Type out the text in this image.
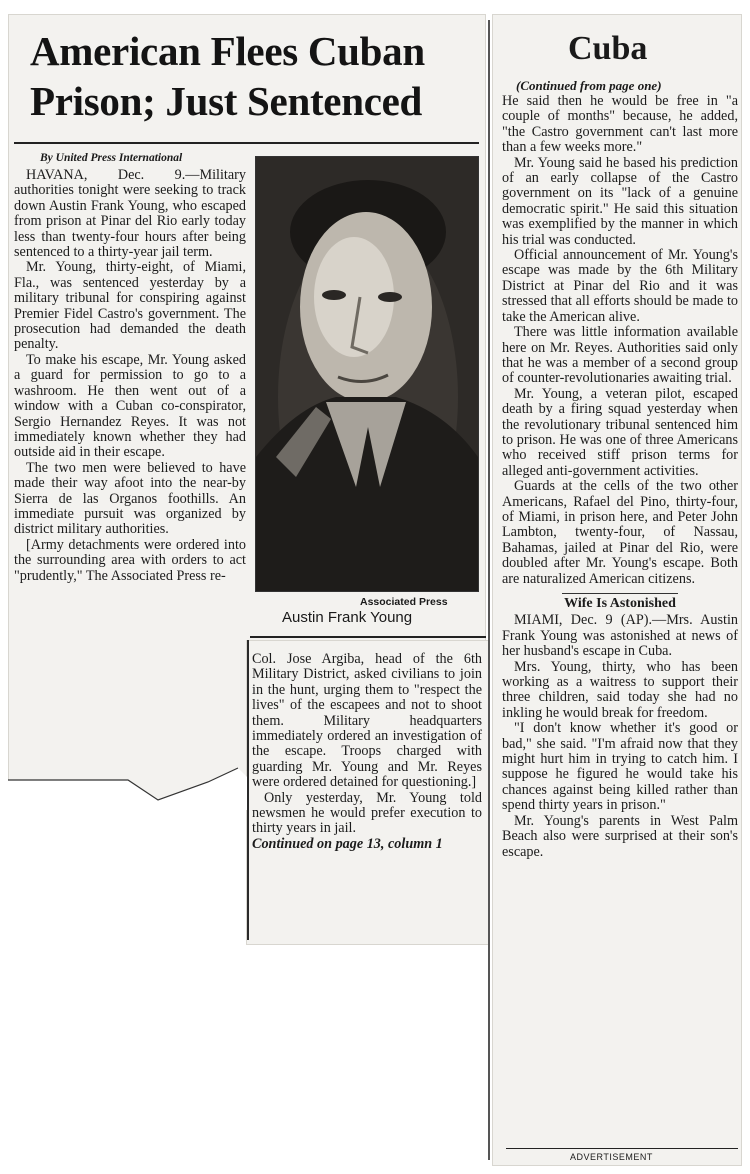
American Flees Cuban
Prison; Just Sentenced
By United Press International

HAVANA, Dec. 9.—Military authorities tonight were seeking to track down Austin Frank Young, who escaped from prison at Pinar del Rio early today less than twenty-four hours after being sentenced to a thirty-year jail term.

Mr. Young, thirty-eight, of Miami, Fla., was sentenced yesterday by a military tribunal for conspiring against Premier Fidel Castro's government. The prosecution had demanded the death penalty.

To make his escape, Mr. Young asked a guard for permission to go to a washroom. He then went out of a window with a Cuban co-conspirator, Sergio Hernandez Reyes. It was not immediately known whether they had outside aid in their escape.

The two men were believed to have made their way afoot into the near-by Sierra de las Organos foothills. An immediate pursuit was organized by district military authorities.

[Army detachments were ordered into the surrounding area with orders to act "prudently," The Associated Press re-

Associated Press
Austin Frank Young

Col. Jose Argiba, head of the 6th Military District, asked civilians to join in the hunt, urging them to "respect the lives" of the escapees and not to shoot them. Military headquarters immediately ordered an investigation of the escape. Troops charged with guarding Mr. Young and Mr. Reyes were ordered detained for questioning.]

Only yesterday, Mr. Young told newsmen he would prefer execution to thirty years in jail.

Continued on page 13, column 1
Cuba
(Continued from page one)

He said then he would be free in "a couple of months" because, he added, "the Castro government can't last more than a few weeks more."

Mr. Young said he based his prediction of an early collapse of the Castro government on its "lack of a genuine democratic spirit." He said this situation was exemplified by the manner in which his trial was conducted.

Official announcement of Mr. Young's escape was made by the 6th Military District at Pinar del Rio and it was stressed that all efforts should be made to take the American alive.

There was little information available here on Mr. Reyes. Authorities said only that he was a member of a second group of counter-revolutionaries awaiting trial.

Mr. Young, a veteran pilot, escaped death by a firing squad yesterday when the revolutionary tribunal sentenced him to prison. He was one of three Americans who received stiff prison terms for alleged anti-government activities.

Guards at the cells of the two other Americans, Rafael del Pino, thirty-four, of Miami, in prison here, and Peter John Lambton, twenty-four, of Nassau, Bahamas, jailed at Pinar del Rio, were doubled after Mr. Young's escape. Both are naturalized American citizens.

Wife Is Astonished

MIAMI, Dec. 9 (AP).—Mrs. Austin Frank Young was astonished at news of her husband's escape in Cuba.

Mrs. Young, thirty, who has been working as a waitress to support their three children, said today she had no inkling he would break for freedom.

"I don't know whether it's good or bad," she said. "I'm afraid now that they might hurt him in trying to catch him. I suppose he figured he would take his chances against being killed rather than spend thirty years in prison."

Mr. Young's parents in West Palm Beach also were surprised at their son's escape.

ADVERTISEMENT
